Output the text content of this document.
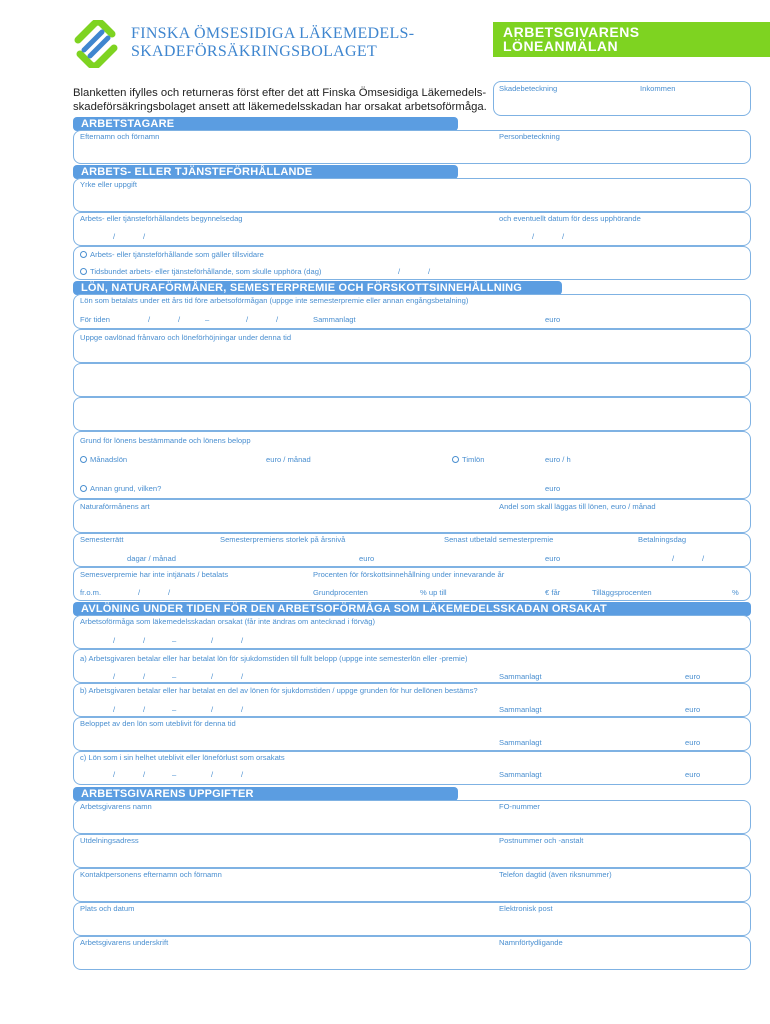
FINSKA ÖMSESIDIGA LÄKEMEDELS-
SKADEFÖRSÄKRINGSBOLAGET
ARBETSGIVARENS
LÖNEANMÄLAN
Blanketten ifylles och returneras först efter det att Finska Ömsesidiga Läkemedels-
skadeförsäkringsbolaget ansett att läkemedelsskadan har orsakat arbetsoförmåga.
Skadebeteckning	Inkommen
ARBETSTAGARE
Efternamn och förnamn	Personbeteckning
ARBETS- ELLER TJÄNSTEFÖRHÅLLANDE
Yrke eller uppgift
Arbets- eller tjänsteförhållandets begynnelsedag	och eventuellt datum för dess upphörande
/	/	/	/
Arbets- eller tjänsteförhållande som gäller tillsvidare
Tidsbundet arbets- eller tjänsteförhållande, som skulle upphöra (dag)	/	/
LÖN, NATURAFÖRMÅNER, SEMESTERPREMIE OCH FÖRSKOTTSINNEHÅLLNING
Lön som betalats under ett års tid före arbetsoförmågan (uppge inte semesterpremie eller annan engångsbetalning)
För tiden	/	/	–	/	/	Sammanlagt	euro
Uppge oavlönad frånvaro och löneförhöjningar under denna tid
Grund för lönens bestämmande och lönens belopp
Månadslön	euro / månad	Timlön	euro / h
Annan grund, vilken?	euro
Naturaförmånens art	Andel som skall läggas till lönen, euro / månad
Semesterrätt	Semesterpremiens storlek på årsnivå	Senast utbetald semesterpremie	Betalningsdag
dagar / månad	euro	euro	/	/
Semesverpremie har inte intjänats / betalats	Procenten för förskottsinnehållning under innevarande år
fr.o.m.	/	/	Grundprocenten	% up till	€ får	Tilläggsprocenten	%
AVLÖNING UNDER TIDEN FÖR DEN ARBETSOFÖRMÅGA SOM LÄKEMEDELSSKADAN ORSAKAT
Arbetsoförmåga som läkemedelsskadan orsakat (får inte ändras om antecknad i förväg)
/	/	–	/	/
a) Arbetsgivaren betalar eller har betalat lön för sjukdomstiden till fullt belopp (uppge inte semesterlön eller -premie)
/	/	–	/	/	Sammanlagt	euro
b) Arbetsgivaren betalar eller har betalat en del av lönen för sjukdomstiden / uppge grunden för hur dellönen bestäms?
/	/	–	/	/	Sammanlagt	euro
Beloppet av den lön som uteblivit för denna tid
Sammanlagt	euro
c) Lön som i sin helhet uteblivit eller löneförlust som orsakats
/	/	–	/	/	Sammanlagt	euro
ARBETSGIVARENS UPPGIFTER
Arbetsgivarens namn	FO-nummer
Utdelningsadress	Postnummer och -anstalt
Kontaktpersonens efternamn och förnamn	Telefon dagtid (även riksnummer)
Plats och datum	Elektronisk post
Arbetsgivarens underskrift	Namnförtydligande
